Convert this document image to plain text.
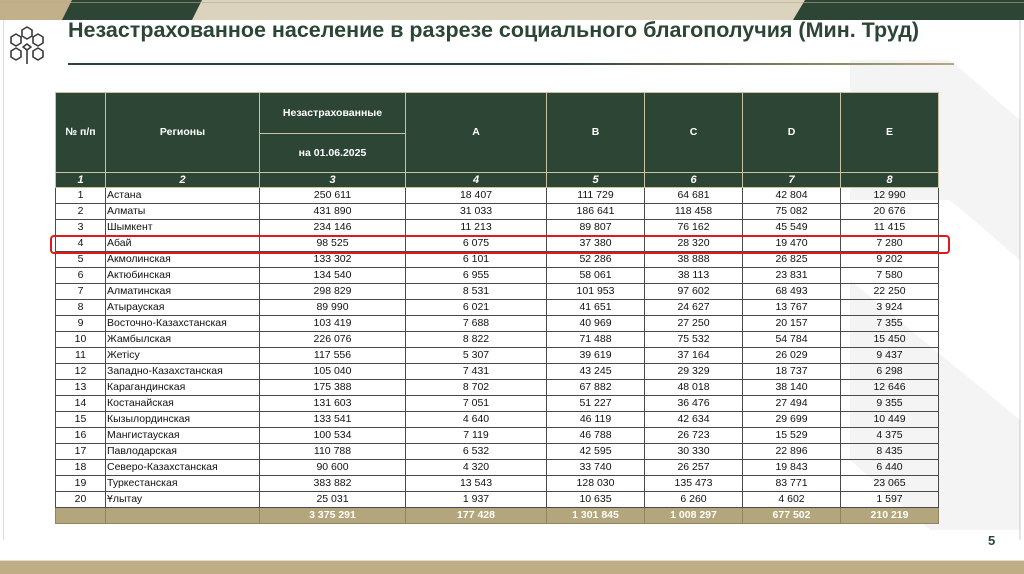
Незастрахованное население в разрезе социального благополучия (Мин. Труд)
№ п/п	Регионы	Незастрахованные	A	B	C	D	E
		на 01.06.2025					
1	2	3	4	5	6	7	8
1	Астана	250 611	18 407	111 729	64 681	42 804	12 990
2	Алматы	431 890	31 033	186 641	118 458	75 082	20 676
3	Шымкент	234 146	11 213	89 807	76 162	45 549	11 415
4	Абай	98 525	6 075	37 380	28 320	19 470	7 280
5	Акмолинская	133 302	6 101	52 286	38 888	26 825	9 202
6	Актюбинская	134 540	6 955	58 061	38 113	23 831	7 580
7	Алматинская	298 829	8 531	101 953	97 602	68 493	22 250
8	Атырауская	89 990	6 021	41 651	24 627	13 767	3 924
9	Восточно-Казахстанская	103 419	7 688	40 969	27 250	20 157	7 355
10	Жамбылская	226 076	8 822	71 488	75 532	54 784	15 450
11	Жетісу	117 556	5 307	39 619	37 164	26 029	9 437
12	Западно-Казахстанская	105 040	7 431	43 245	29 329	18 737	6 298
13	Карагандинская	175 388	8 702	67 882	48 018	38 140	12 646
14	Костанайская	131 603	7 051	51 227	36 476	27 494	9 355
15	Кызылординская	133 541	4 640	46 119	42 634	29 699	10 449
16	Мангистауская	100 534	7 119	46 788	26 723	15 529	4 375
17	Павлодарская	110 788	6 532	42 595	30 330	22 896	8 435
18	Северо-Казахстанская	90 600	4 320	33 740	26 257	19 843	6 440
19	Туркестанская	383 882	13 543	128 030	135 473	83 771	23 065
20	Ұлытау	25 031	1 937	10 635	6 260	4 602	1 597
		3 375 291	177 428	1 301 845	1 008 297	677 502	210 219
5
